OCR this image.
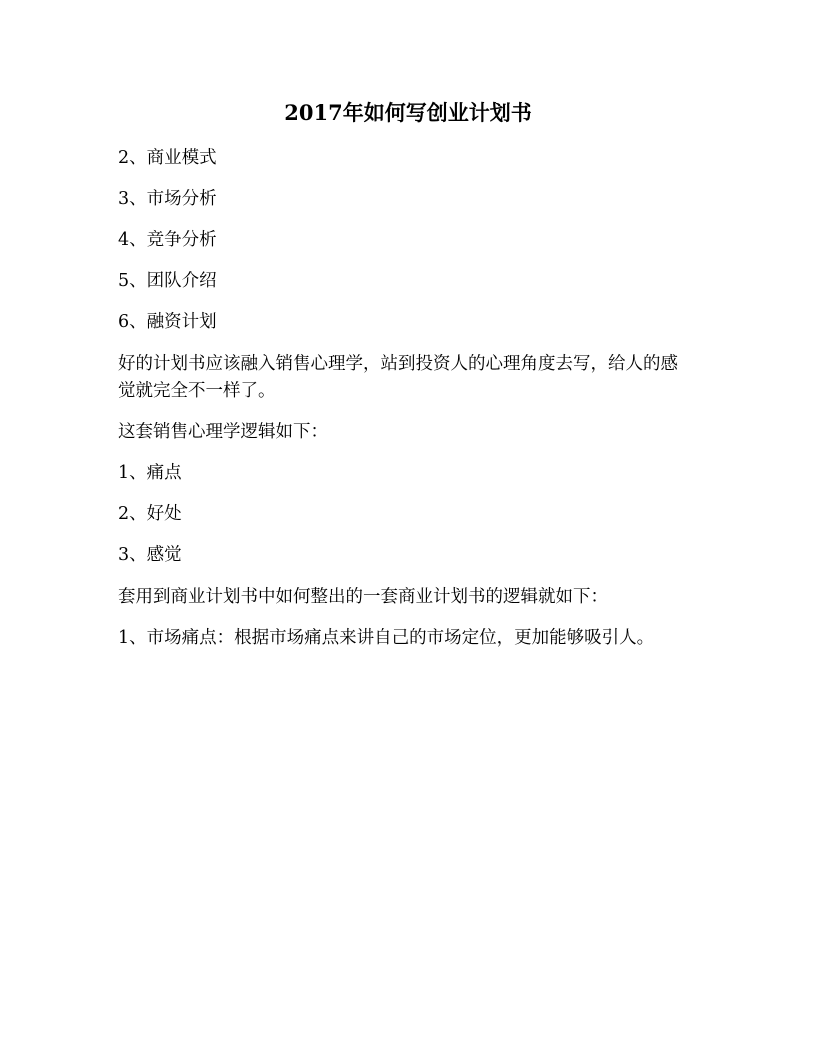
2017年如何写创业计划书
2、商业模式
3、市场分析
4、竞争分析
5、团队介绍
6、融资计划
好的计划书应该融入销售心理学，站到投资人的心理角度去写，给人的感觉就完全不一样了。
这套销售心理学逻辑如下：
1、痛点
2、好处
3、感觉
套用到商业计划书中如何整出的一套商业计划书的逻辑就如下：
1、市场痛点：根据市场痛点来讲自己的市场定位，更加能够吸引人。
